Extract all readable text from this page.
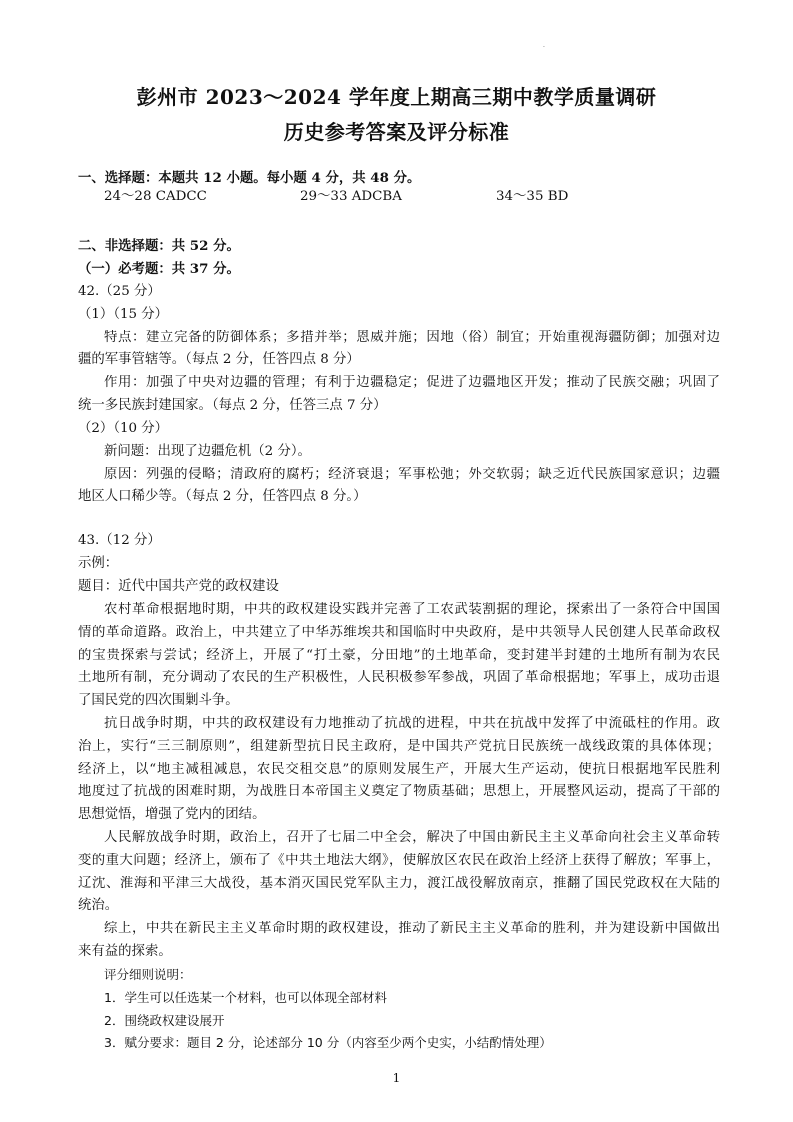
.
彭州市 2023～2024 学年度上期高三期中教学质量调研
历史参考答案及评分标准
一、选择题：本题共 12 小题。每小题 4 分，共 48 分。
24～28 CADCC	29～33 ADCBA	34～35 BD
二、非选择题：共 52 分。
（一）必考题：共 37 分。
42.（25 分）
（1）（15 分）
特点：建立完备的防御体系；多措并举；恩威并施；因地（俗）制宜；开始重视海疆防御；加强对边
疆的军事管辖等。（每点 2 分，任答四点 8 分）
作用：加强了中央对边疆的管理；有利于边疆稳定；促进了边疆地区开发；推动了民族交融；巩固了
统一多民族封建国家。（每点 2 分，任答三点 7 分）
（2）（10 分）
新问题：出现了边疆危机（2 分）。
原因：列强的侵略；清政府的腐朽；经济衰退；军事松弛；外交软弱；缺乏近代民族国家意识；边疆
地区人口稀少等。（每点 2 分，任答四点 8 分。）
43.（12 分）
示例：
题目：近代中国共产党的政权建设
农村革命根据地时期，中共的政权建设实践并完善了工农武装割据的理论，探索出了一条符合中国国
情的革命道路。政治上，中共建立了中华苏维埃共和国临时中央政府，是中共领导人民创建人民革命政权
的宝贵探索与尝试；经济上，开展了“打土豪，分田地”的土地革命，变封建半封建的土地所有制为农民
土地所有制，充分调动了农民的生产积极性，人民积极参军参战，巩固了革命根据地；军事上，成功击退
了国民党的四次围剿斗争。
抗日战争时期，中共的政权建设有力地推动了抗战的进程，中共在抗战中发挥了中流砥柱的作用。政
治上，实行“三三制原则”，组建新型抗日民主政府，是中国共产党抗日民族统一战线政策的具体体现；
经济上，以“地主减租减息，农民交租交息”的原则发展生产，开展大生产运动，使抗日根据地军民胜利
地度过了抗战的困难时期，为战胜日本帝国主义奠定了物质基础；思想上，开展整风运动，提高了干部的
思想觉悟，增强了党内的团结。
人民解放战争时期，政治上，召开了七届二中全会，解决了中国由新民主主义革命向社会主义革命转
变的重大问题；经济上，颁布了《中共土地法大纲》，使解放区农民在政治上经济上获得了解放；军事上，
辽沈、淮海和平津三大战役，基本消灭国民党军队主力，渡江战役解放南京，推翻了国民党政权在大陆的
统治。
综上，中共在新民主主义革命时期的政权建设，推动了新民主主义革命的胜利，并为建设新中国做出
来有益的探索。
评分细则说明：
1．学生可以任选某一个材料，也可以体现全部材料
2．围绕政权建设展开
3．赋分要求：题目 2 分，论述部分 10 分（内容至少两个史实，小结酌情处理）
1
